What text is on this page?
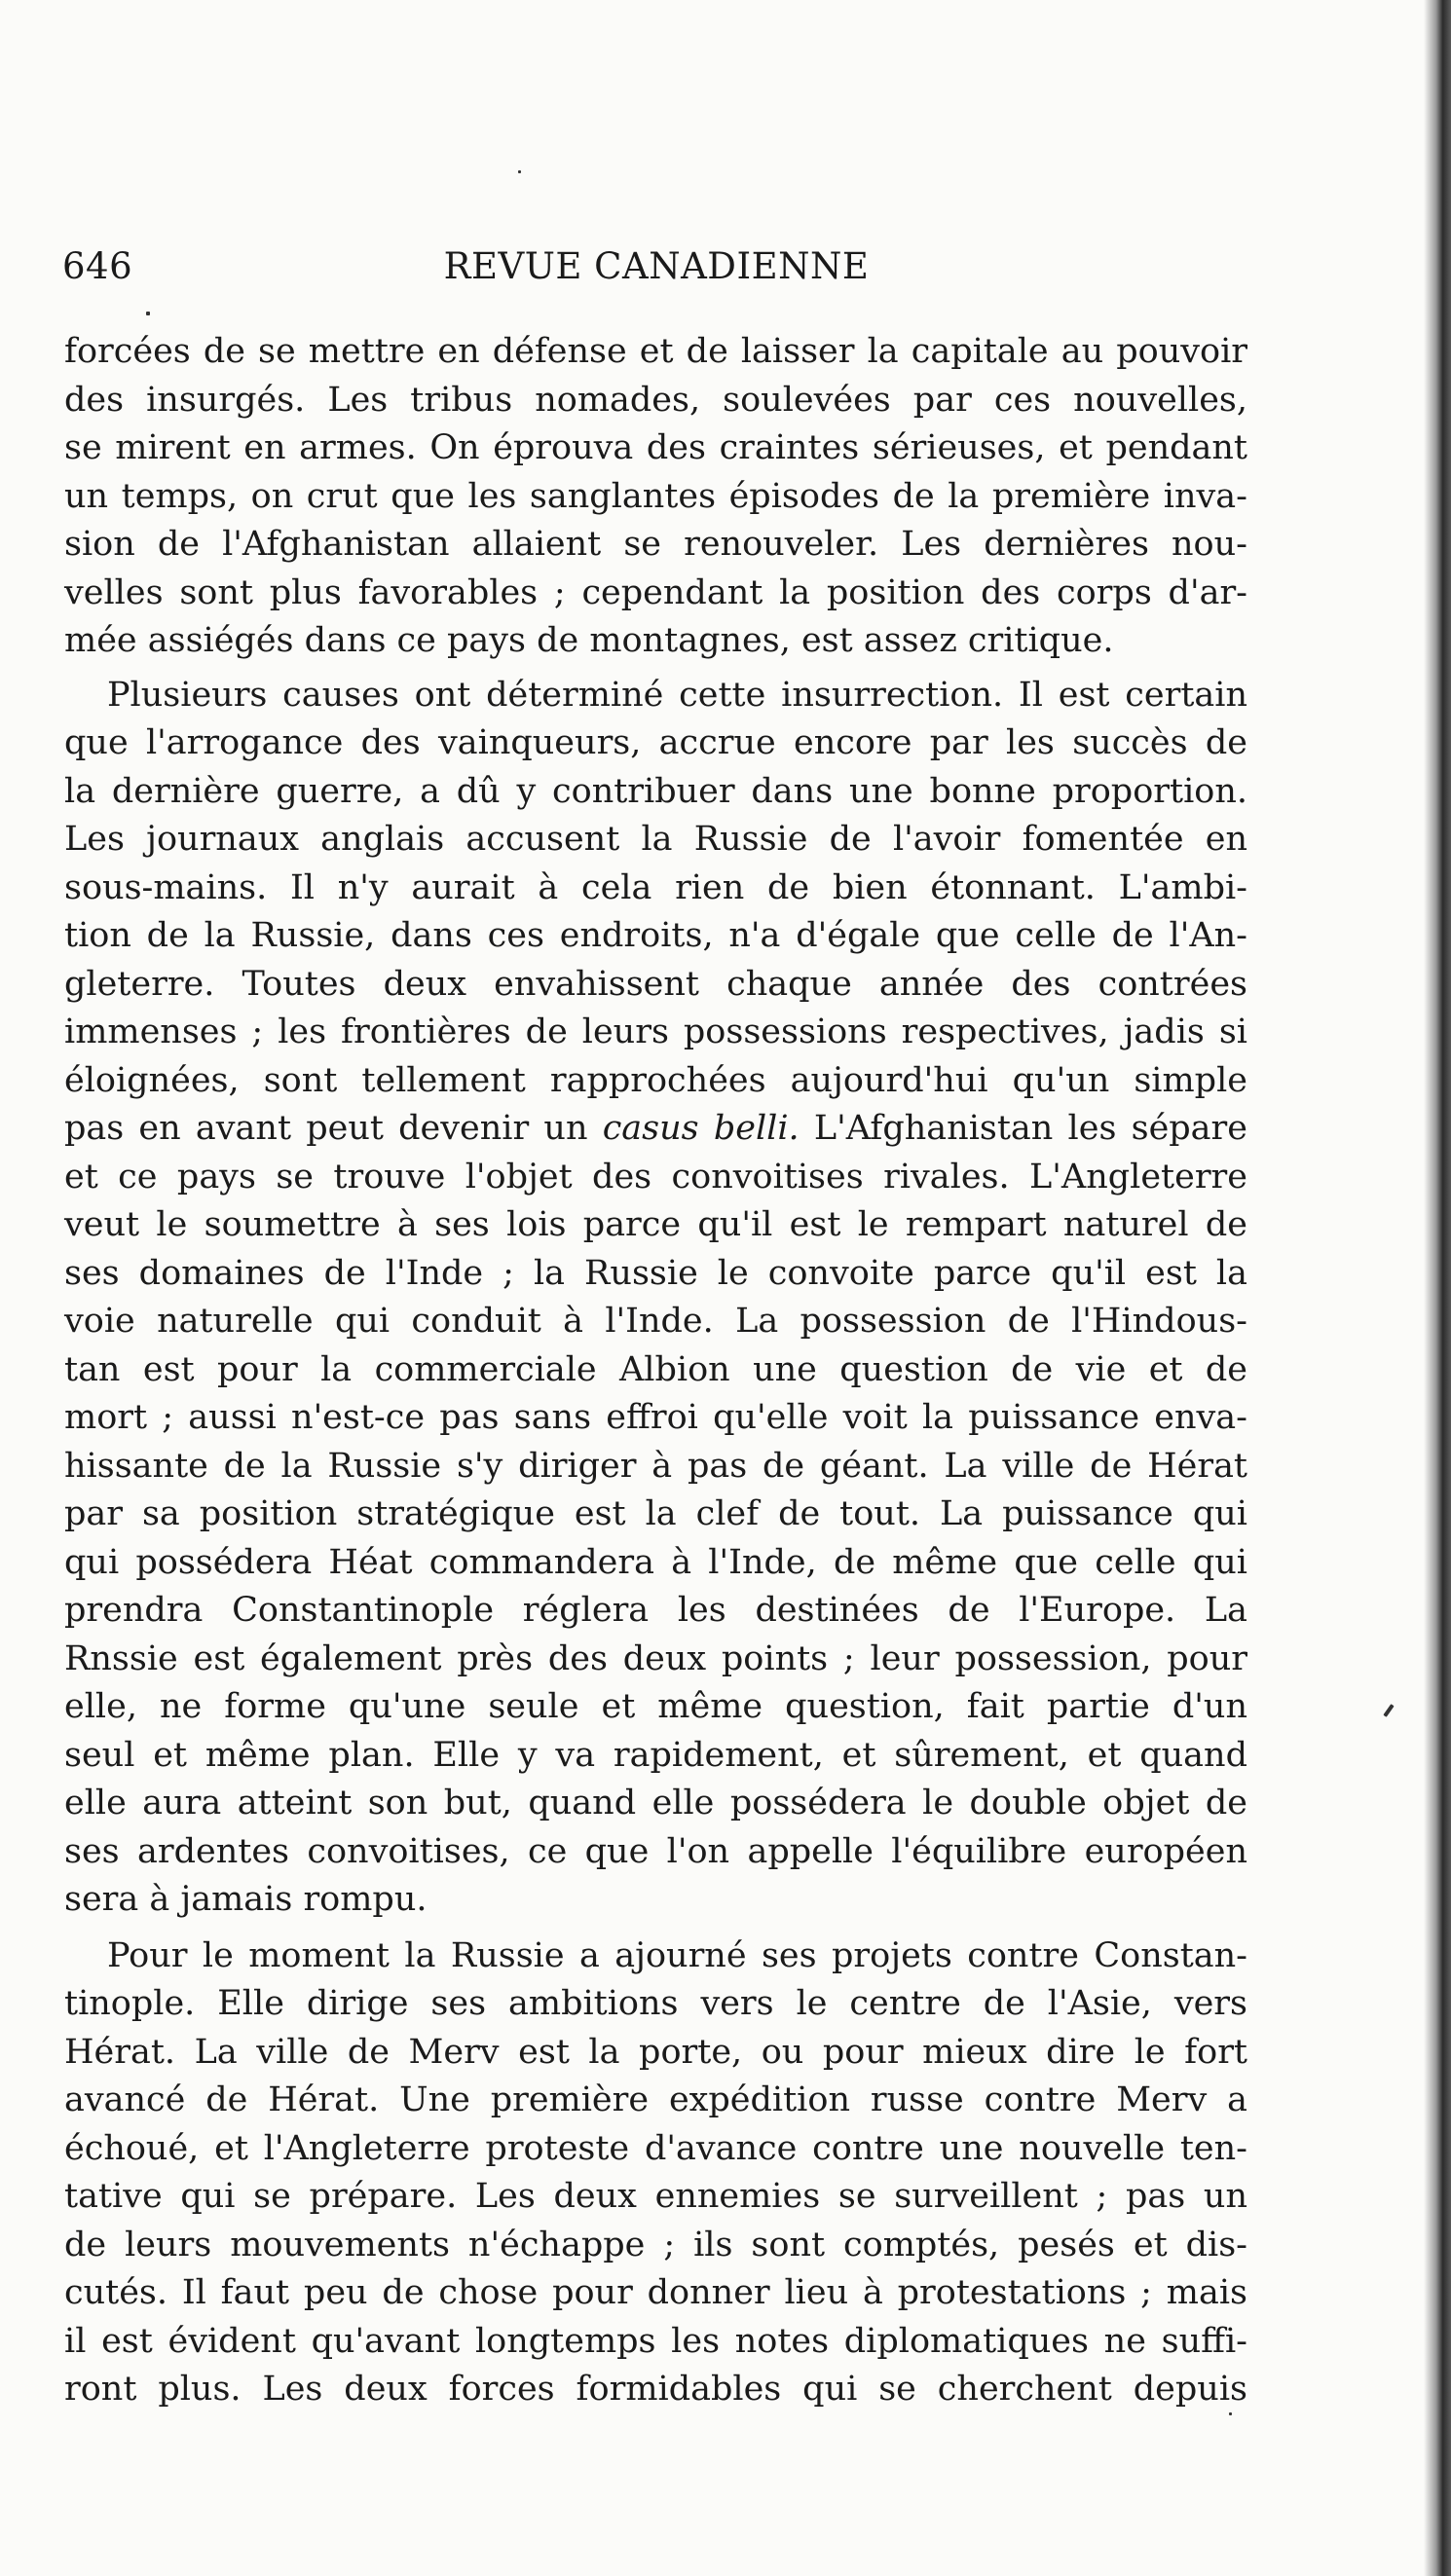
646	REVUE CANADIENNE
forcées de se mettre en défense et de laisser la capitale au pouvoir
des insurgés. Les tribus nomades, soulevées par ces nouvelles,
se mirent en armes. On éprouva des craintes sérieuses, et pendant
un temps, on crut que les sanglantes épisodes de la première inva-
sion de l'Afghanistan allaient se renouveler. Les dernières nou-
velles sont plus favorables ; cependant la position des corps d'ar-
mée assiégés dans ce pays de montagnes, est assez critique.
Plusieurs causes ont déterminé cette insurrection. Il est certain
que l'arrogance des vainqueurs, accrue encore par les succès de
la dernière guerre, a dû y contribuer dans une bonne proportion.
Les journaux anglais accusent la Russie de l'avoir fomentée en
sous-mains. Il n'y aurait à cela rien de bien étonnant. L'ambi-
tion de la Russie, dans ces endroits, n'a d'égale que celle de l'An-
gleterre. Toutes deux envahissent chaque année des contrées
immenses ; les frontières de leurs possessions respectives, jadis si
éloignées, sont tellement rapprochées aujourd'hui qu'un simple
pas en avant peut devenir un casus belli. L'Afghanistan les sépare
et ce pays se trouve l'objet des convoitises rivales. L'Angleterre
veut le soumettre à ses lois parce qu'il est le rempart naturel de
ses domaines de l'Inde ; la Russie le convoite parce qu'il est la
voie naturelle qui conduit à l'Inde. La possession de l'Hindous-
tan est pour la commerciale Albion une question de vie et de
mort ; aussi n'est-ce pas sans effroi qu'elle voit la puissance enva-
hissante de la Russie s'y diriger à pas de géant. La ville de Hérat
par sa position stratégique est la clef de tout. La puissance qui
qui possédera Héat commandera à l'Inde, de même que celle qui
prendra Constantinople réglera les destinées de l'Europe. La
Rnssie est également près des deux points ; leur possession, pour
elle, ne forme qu'une seule et même question, fait partie d'un
seul et même plan. Elle y va rapidement, et sûrement, et quand
elle aura atteint son but, quand elle possédera le double objet de
ses ardentes convoitises, ce que l'on appelle l'équilibre européen
sera à jamais rompu.
Pour le moment la Russie a ajourné ses projets contre Constan-
tinople. Elle dirige ses ambitions vers le centre de l'Asie, vers
Hérat. La ville de Merv est la porte, ou pour mieux dire le fort
avancé de Hérat. Une première expédition russe contre Merv a
échoué, et l'Angleterre proteste d'avance contre une nouvelle ten-
tative qui se prépare. Les deux ennemies se surveillent ; pas un
de leurs mouvements n'échappe ; ils sont comptés, pesés et dis-
cutés. Il faut peu de chose pour donner lieu à protestations ; mais
il est évident qu'avant longtemps les notes diplomatiques ne suffi-
ront plus. Les deux forces formidables qui se cherchent depuis
